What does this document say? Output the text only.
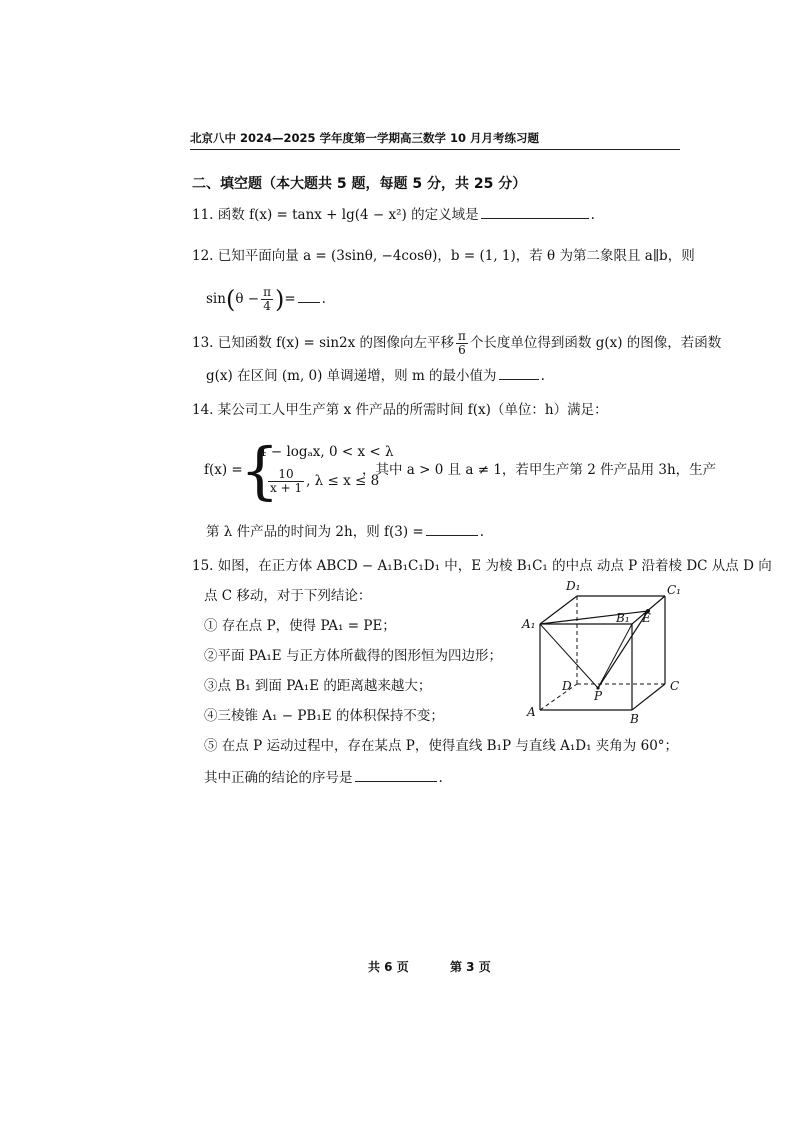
北京八中 2024—2025 学年度第一学期高三数学 10 月月考练习题
二、填空题（本大题共 5 题，每题 5 分，共 25 分）
11. 函数 f(x) = tanx + lg(4 − x²) 的定义域是	.
12. 已知平面向量 a = (3sinθ, −4cosθ)，b = (1, 1)，若 θ 为第二象限且 a∥b，则
$\sin(\theta - \frac{\pi}{4}$ )= .
13. 已知函数 f(x) = sin2x 的图像向左平移 $\frac{\pi}{6}$ 个长度单位得到函数 g(x) 的图像，若函数
g(x) 在区间 (m, 0) 单调递增，则 m 的最小值为	.
14. 某公司工人甲生产第 x 件产品的所需时间 f(x)（单位：h）满足：
f(x) =
{
4 − logₐx, 0 < x < λ
$\frac{10}{x + 1}$ , λ ≤ x ≤ 8
，其中 a > 0 且 a ≠ 1，若甲生产第 2 件产品用 3h，生产
第 λ 件产品的时间为 2h，则 f(3) =	.
15. 如图，在正方体 ABCD − A₁B₁C₁D₁ 中，E 为棱 B₁C₁ 的中点 动点 P 沿着棱 DC 从点 D 向
点 C 移动，对于下列结论：
① 存在点 P，使得 PA₁ = PE；
②平面 PA₁E 与正方体所截得的图形恒为四边形；
③点 B₁ 到面 PA₁E 的距离越来越大；
④三棱锥 A₁ − PB₁E 的体积保持不变；
⑤ 在点 P 运动过程中，存在某点 P，使得直线 B₁P 与直线 A₁D₁ 夹角为 60°；
其中正确的结论的序号是	.
D₁	C₁
A₁	B₁ E
D	C
P
A	B
共 6 页	第 3 页
